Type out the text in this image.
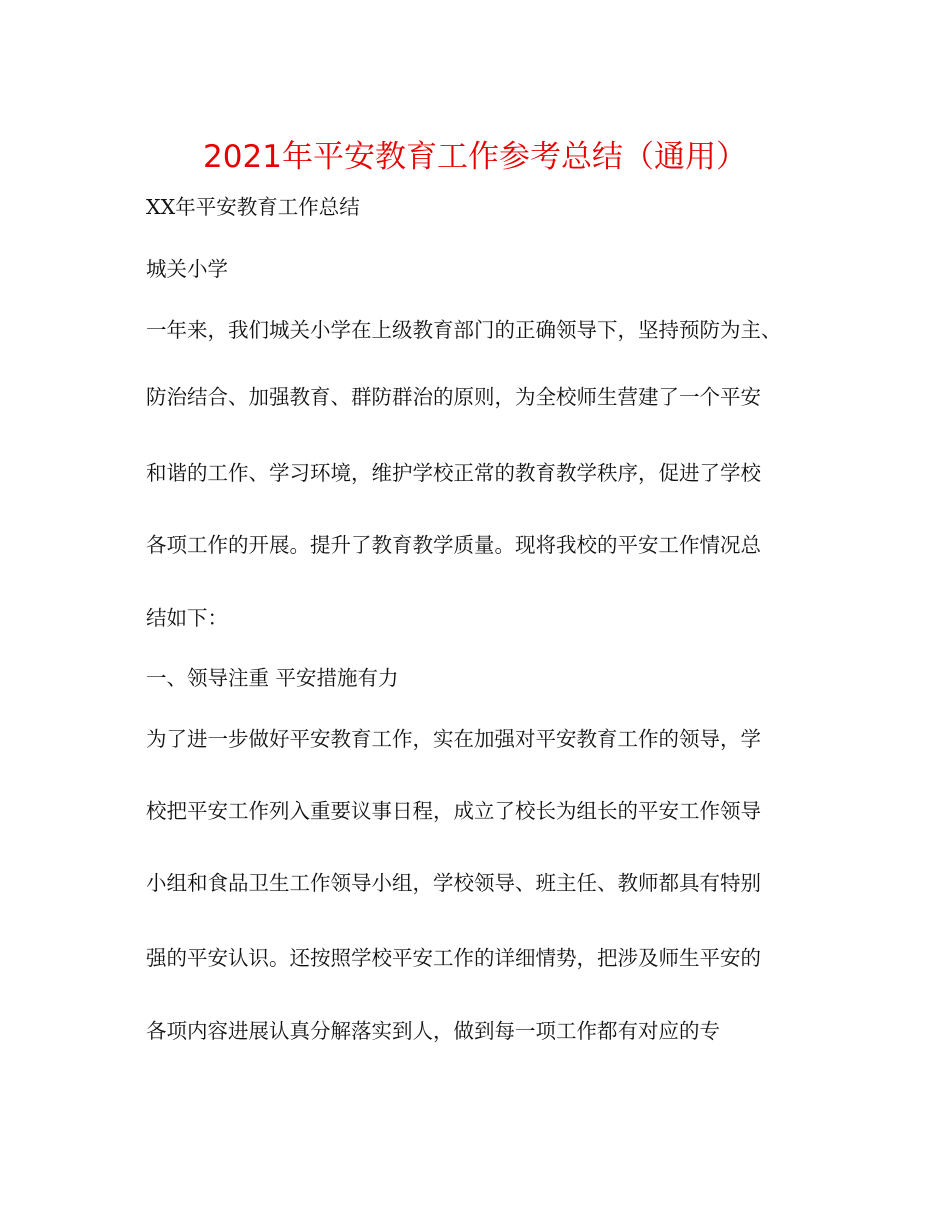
2021年平安教育工作参考总结（通用）

XX年平安教育工作总结

城关小学

一年来，我们城关小学在上级教育部门的正确领导下，坚持预防为主、

防治结合、加强教育、群防群治的原则，为全校师生营建了一个平安

和谐的工作、学习环境，维护学校正常的教育教学秩序，促进了学校

各项工作的开展。提升了教育教学质量。现将我校的平安工作情况总

结如下：

一、领导注重 平安措施有力

为了进一步做好平安教育工作，实在加强对平安教育工作的领导，学

校把平安工作列入重要议事日程，成立了校长为组长的平安工作领导

小组和食品卫生工作领导小组，学校领导、班主任、教师都具有特别

强的平安认识。还按照学校平安工作的详细情势，把涉及师生平安的

各项内容进展认真分解落实到人，做到每一项工作都有对应的专
